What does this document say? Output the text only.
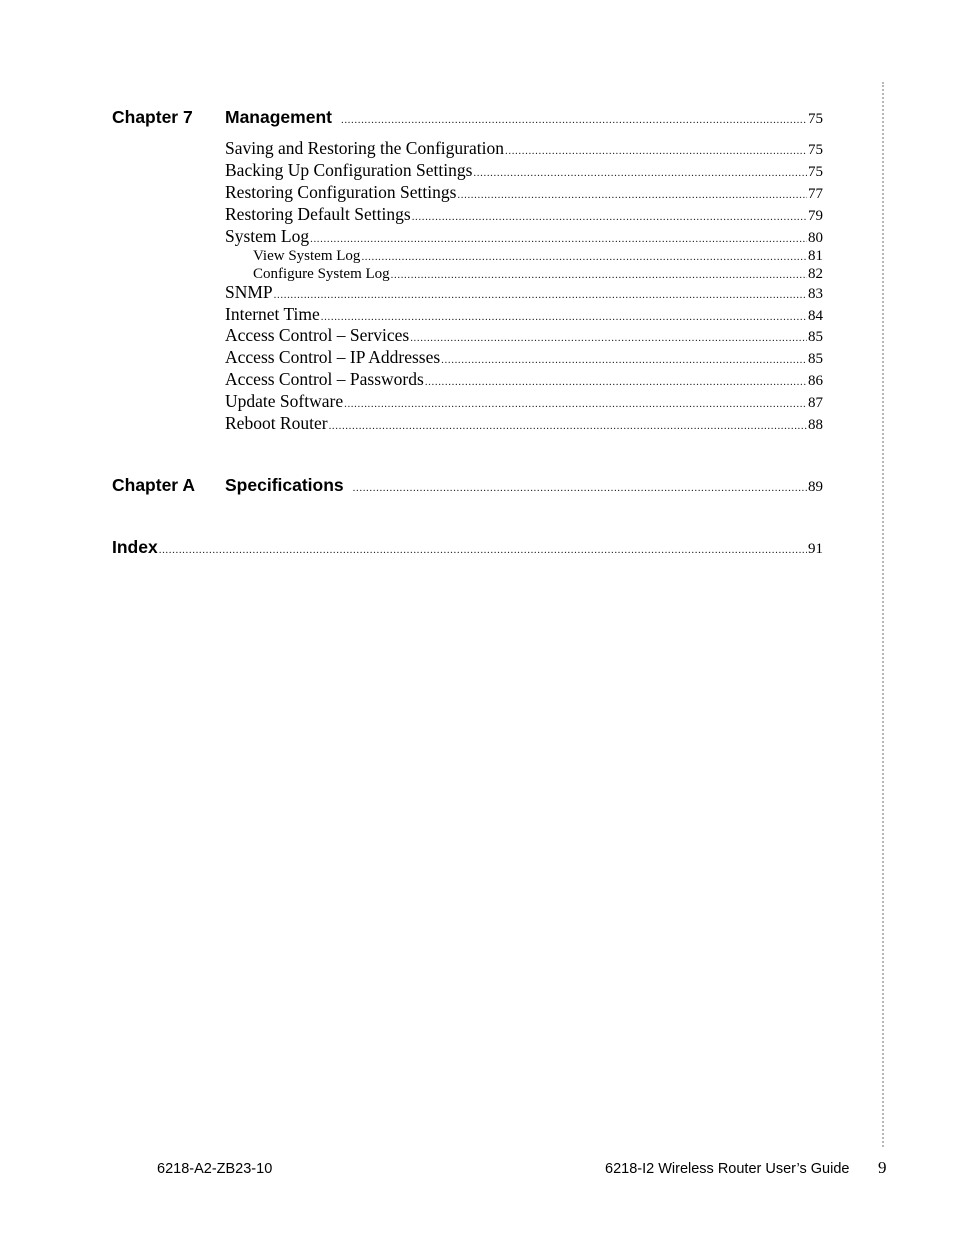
Chapter 7 Management .....	75
Saving and Restoring the Configuration .....	75
Backing Up Configuration Settings .....	75
Restoring Configuration Settings .....	77
Restoring Default Settings .....	79
System Log .....	80
View System Log .....	81
Configure System Log .....	82
SNMP .....	83
Internet Time .....	84
Access Control – Services .....	85
Access Control – IP Addresses .....	85
Access Control – Passwords .....	86
Update Software .....	87
Reboot Router .....	88
Chapter A Specifications .....	89
Index .....	91
6218-A2-ZB23-10	6218-I2 Wireless Router User’s Guide 9
